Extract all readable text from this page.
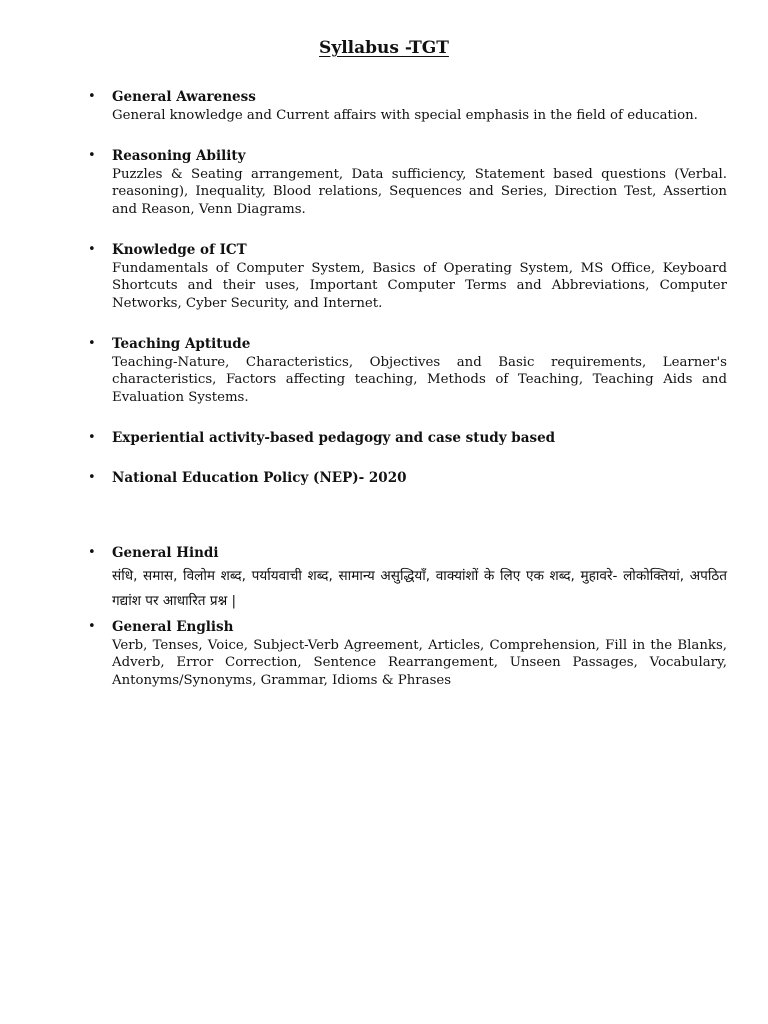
Syllabus -TGT
• General Awareness
General knowledge and Current affairs with special emphasis in the field of education.
• Reasoning Ability
Puzzles & Seating arrangement, Data sufficiency, Statement based questions (Verbal. reasoning), Inequality, Blood relations, Sequences and Series, Direction Test, Assertion and Reason, Venn Diagrams.
• Knowledge of ICT
Fundamentals of Computer System, Basics of Operating System, MS Office, Keyboard Shortcuts and their uses, Important Computer Terms and Abbreviations, Computer Networks, Cyber Security, and Internet.
• Teaching Aptitude
Teaching-Nature, Characteristics, Objectives and Basic requirements, Learner's characteristics, Factors affecting teaching, Methods of Teaching, Teaching Aids and Evaluation Systems.
• Experiential activity-based pedagogy and case study based
• National Education Policy (NEP)- 2020
• General Hindi
संधि, समास, विलोम शब्द, पर्यायवाची शब्द, सामान्य असुद्धियाँ, वाक्यांशों के लिए एक शब्द, मुहावरे- लोकोक्तियां, अपठित गद्यांश पर आधारित प्रश्न |
• General English
Verb, Tenses, Voice, Subject-Verb Agreement, Articles, Comprehension, Fill in the Blanks, Adverb, Error Correction, Sentence Rearrangement, Unseen Passages, Vocabulary, Antonyms/Synonyms, Grammar, Idioms & Phrases
